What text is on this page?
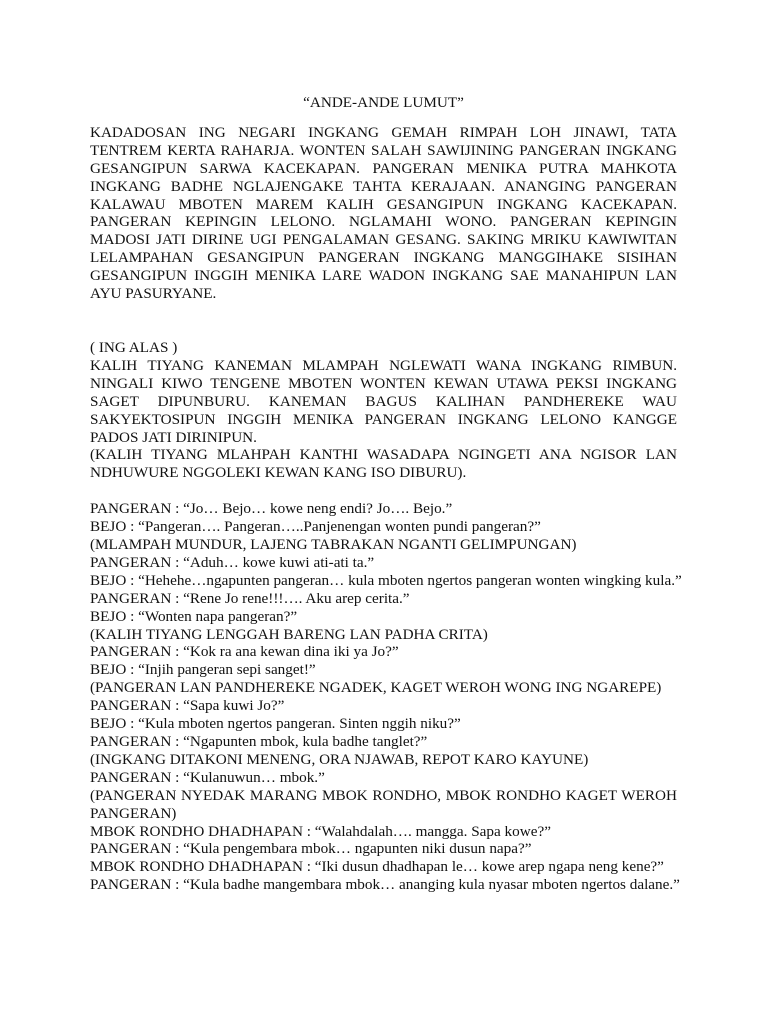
“ANDE-ANDE LUMUT”

KADADOSAN ING NEGARI INGKANG GEMAH RIMPAH LOH JINAWI, TATA TENTREM KERTA RAHARJA. WONTEN SALAH SAWIJINING PANGERAN INGKANG GESANGIPUN SARWA KACEKAPAN. PANGERAN MENIKA PUTRA MAHKOTA INGKANG BADHE NGLAJENGAKE TAHTA KERAJAAN. ANANGING PANGERAN KALAWAU MBOTEN MAREM KALIH GESANGIPUN INGKANG KACEKAPAN. PANGERAN KEPINGIN LELONO. NGLAMAHI WONO. PANGERAN KEPINGIN MADOSI JATI DIRINE UGI PENGALAMAN GESANG. SAKING MRIKU KAWIWITAN LELAMPAHAN GESANGIPUN PANGERAN INGKANG MANGGIHAKE SISIHAN GESANGIPUN INGGIH MENIKA LARE WADON INGKANG SAE MANAHIPUN LAN AYU PASURYANE.

( ING ALAS )

KALIH TIYANG KANEMAN MLAMPAH NGLEWATI WANA INGKANG RIMBUN. NINGALI KIWO TENGENE MBOTEN WONTEN KEWAN UTAWA PEKSI INGKANG SAGET DIPUNBURU. KANEMAN BAGUS KALIHAN PANDHEREKE WAU SAKYEKTOSIPUN INGGIH MENIKA PANGERAN INGKANG LELONO KANGGE PADOS JATI DIRINIPUN.

(KALIH TIYANG MLAHPAH KANTHI WASADAPA NGINGETI ANA NGISOR LAN NDHUWURE NGGOLEKI KEWAN KANG ISO DIBURU).

PANGERAN : “Jo… Bejo… kowe neng endi? Jo…. Bejo.”

BEJO : “Pangeran…. Pangeran…..Panjenengan wonten pundi pangeran?”

(MLAMPAH MUNDUR, LAJENG TABRAKAN NGANTI GELIMPUNGAN)

PANGERAN : “Aduh… kowe kuwi ati-ati ta.”

BEJO : “Hehehe…ngapunten pangeran… kula mboten ngertos pangeran wonten wingking kula.”

PANGERAN : “Rene Jo rene!!!…. Aku arep cerita.”

BEJO : “Wonten napa pangeran?”

(KALIH TIYANG LENGGAH BARENG LAN PADHA CRITA)

PANGERAN : “Kok ra ana kewan dina iki ya Jo?”

BEJO : “Injih pangeran sepi sanget!”

(PANGERAN LAN PANDHEREKE NGADEK, KAGET WEROH WONG ING NGAREPE)

PANGERAN : “Sapa kuwi Jo?”

BEJO : “Kula mboten ngertos pangeran. Sinten nggih niku?”

PANGERAN : “Ngapunten mbok, kula badhe tanglet?”

(INGKANG DITAKONI MENENG, ORA NJAWAB, REPOT KARO KAYUNE)

PANGERAN : “Kulanuwun… mbok.”

(PANGERAN NYEDAK MARANG MBOK RONDHO, MBOK RONDHO KAGET WEROH PANGERAN)

MBOK RONDHO DHADHAPAN : “Walahdalah…. mangga. Sapa kowe?”

PANGERAN : “Kula pengembara mbok… ngapunten niki dusun napa?”

MBOK RONDHO DHADHAPAN : “Iki dusun dhadhapan le… kowe arep ngapa neng kene?”

PANGERAN : “Kula badhe mangembara mbok… ananging kula nyasar mboten ngertos dalane.”
